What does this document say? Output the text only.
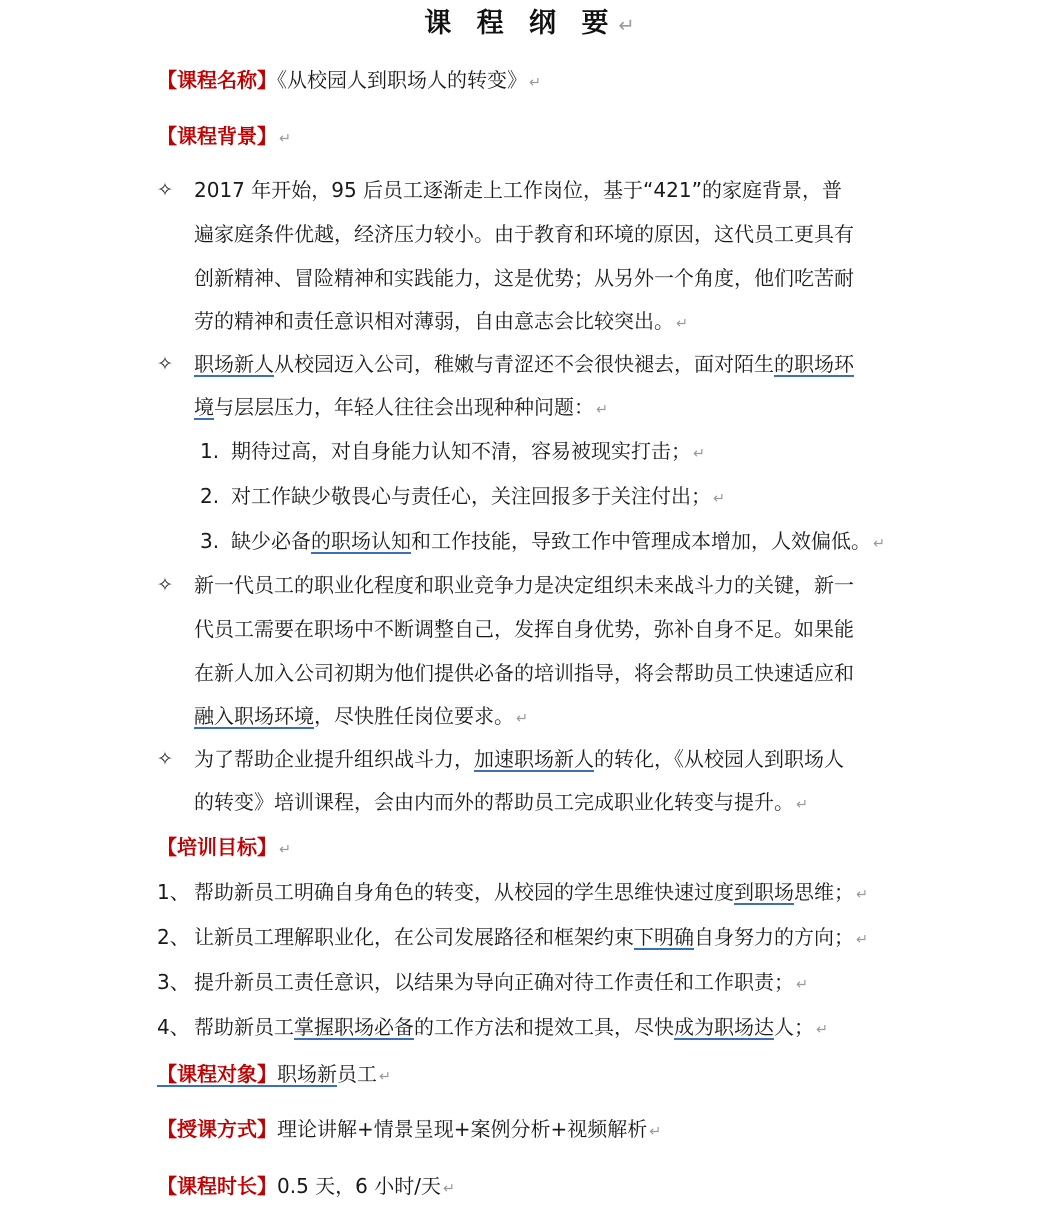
课 程 纲 要 ↵
【课程名称】《从校园人到职场人的转变》 ↵
【课程背景】 ↵
✧ 2017 年开始，95 后员工逐渐走上工作岗位，基于“421”的家庭背景，普
遍家庭条件优越，经济压力较小。由于教育和环境的原因，这代员工更具有
创新精神、冒险精神和实践能力，这是优势；从另外一个角度，他们吃苦耐
劳的精神和责任意识相对薄弱，自由意志会比较突出。 ↵
✧ 职场新人从校园迈入公司，稚嫩与青涩还不会很快褪去，面对陌生的职场环
境与层层压力，年轻人往往会出现种种问题： ↵
1. 期待过高，对自身能力认知不清，容易被现实打击； ↵
2. 对工作缺少敬畏心与责任心，关注回报多于关注付出； ↵
3. 缺少必备的职场认知和工作技能，导致工作中管理成本增加，人效偏低。 ↵
✧ 新一代员工的职业化程度和职业竞争力是决定组织未来战斗力的关键，新一
代员工需要在职场中不断调整自己，发挥自身优势，弥补自身不足。如果能
在新人加入公司初期为他们提供必备的培训指导，将会帮助员工快速适应和
融入职场环境，尽快胜任岗位要求。 ↵
✧ 为了帮助企业提升组织战斗力，加速职场新人的转化，《从校园人到职场人
的转变》培训课程，会由内而外的帮助员工完成职业化转变与提升。 ↵
【培训目标】 ↵
1、 帮助新员工明确自身角色的转变，从校园的学生思维快速过度到职场思维； ↵
2、 让新员工理解职业化，在公司发展路径和框架约束下明确自身努力的方向； ↵
3、 提升新员工责任意识，以结果为导向正确对待工作责任和工作职责； ↵
4、 帮助新员工掌握职场必备的工作方法和提效工具，尽快成为职场达人； ↵
【课程对象】职场新员工 ↵
【授课方式】理论讲解+情景呈现+案例分析+视频解析 ↵
【课程时长】0.5 天，6 小时/天 ↵
